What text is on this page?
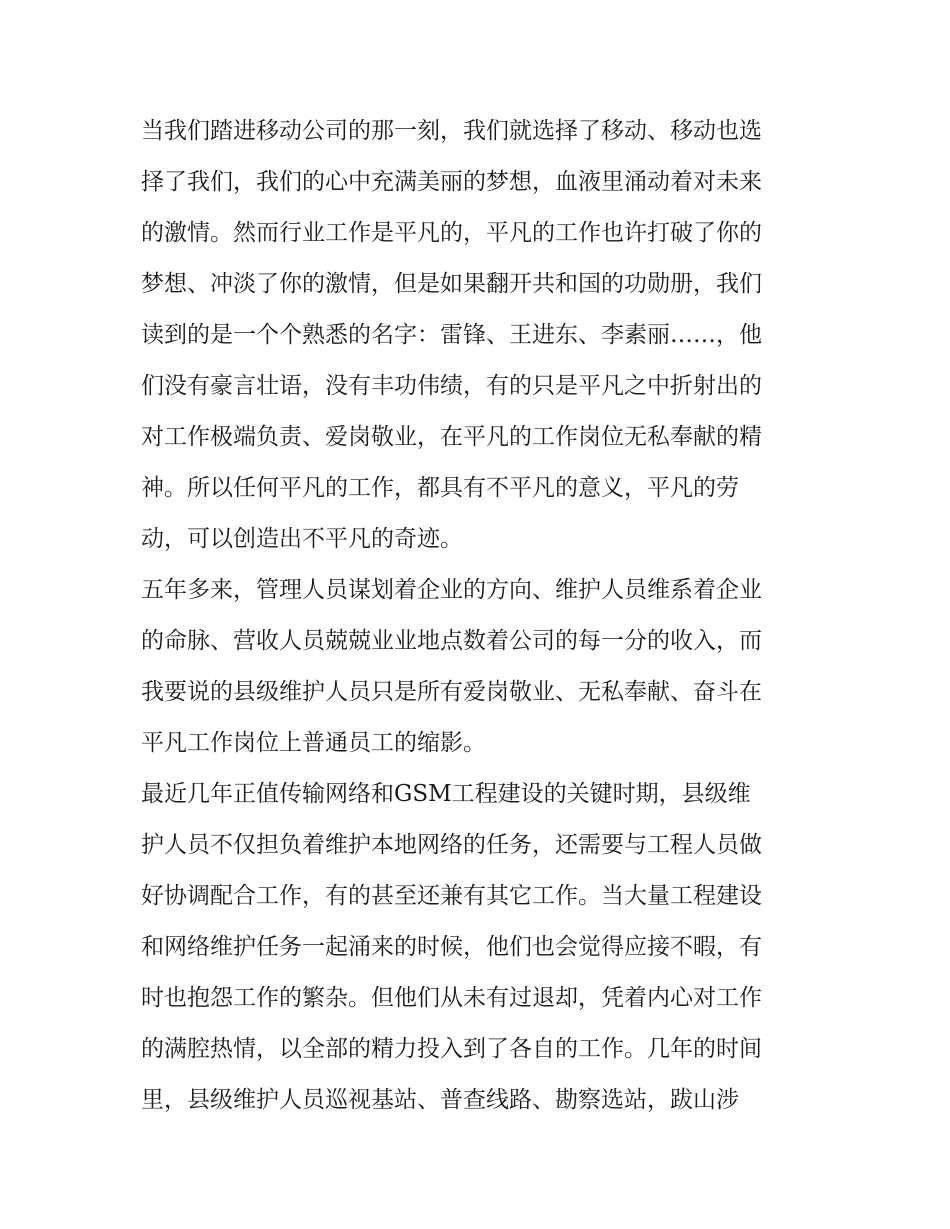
当我们踏进移动公司的那一刻，我们就选择了移动、移动也选
择了我们，我们的心中充满美丽的梦想，血液里涌动着对未来
的激情。然而行业工作是平凡的，平凡的工作也许打破了你的
梦想、冲淡了你的激情，但是如果翻开共和国的功勋册，我们
读到的是一个个熟悉的名字：雷锋、王进东、李素丽……，他
们没有豪言壮语，没有丰功伟绩，有的只是平凡之中折射出的
对工作极端负责、爱岗敬业，在平凡的工作岗位无私奉献的精
神。所以任何平凡的工作，都具有不平凡的意义，平凡的劳
动，可以创造出不平凡的奇迹。
五年多来，管理人员谋划着企业的方向、维护人员维系着企业
的命脉、营收人员兢兢业业地点数着公司的每一分的收入，而
我要说的县级维护人员只是所有爱岗敬业、无私奉献、奋斗在
平凡工作岗位上普通员工的缩影。
最近几年正值传输网络和GSM工程建设的关键时期，县级维
护人员不仅担负着维护本地网络的任务，还需要与工程人员做
好协调配合工作，有的甚至还兼有其它工作。当大量工程建设
和网络维护任务一起涌来的时候，他们也会觉得应接不暇，有
时也抱怨工作的繁杂。但他们从未有过退却，凭着内心对工作
的满腔热情，以全部的精力投入到了各自的工作。几年的时间
里，县级维护人员巡视基站、普查线路、勘察选站，跋山涉
